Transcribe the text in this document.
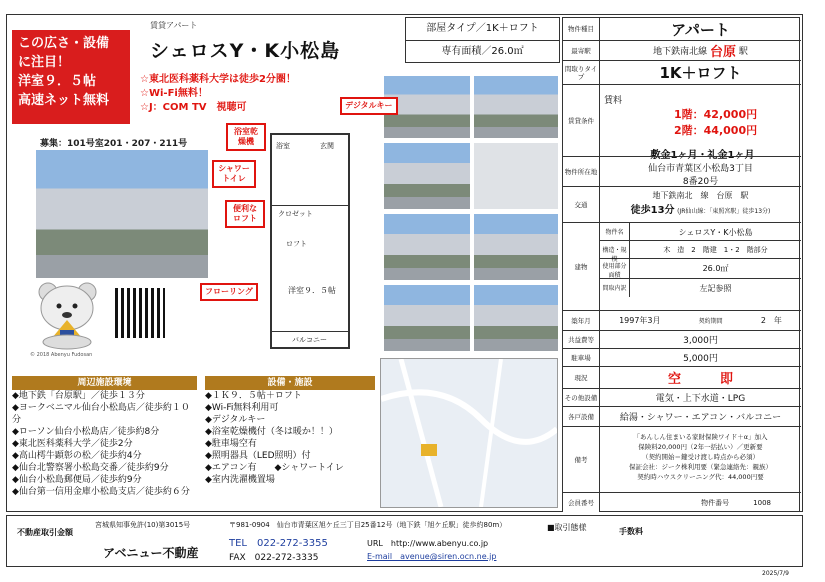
この広さ・設備
に注目！
洋室９．５帖
高速ネット無料
賃貸アパート
シェロスY・K小松島
☆東北医科薬科大学は徒歩2分圏！
☆Wi-Fi無料！
☆J：COM TV　視聴可
部屋タイプ／1K＋ロフト
専有面積／26.0㎡
募集：101号室201・207・211号	浴室	玄関
クロゼット
ロフト
洋室９．５帖
バルコニー
デジタルキー
浴室乾燥機
シャワートイレ
便利なロフト
フローリング
© 2018 Abenyu Fudosan
周辺施設環境
◆地下鉄「台原駅」／徒歩１３分
◆ヨークベニマル仙台小松島店／徒歩約１０分
◆ローソン仙台小松島店／徒歩約8分
◆東北医科薬科大学／徒歩2分
◆高山樗牛顕彰の松／徒歩約4分
◆仙台北警察署小松島交番／徒歩約9分
◆仙台小松島郵便局／徒歩約9分
◆仙台第一信用金庫小松島支店／徒歩約６分
設備・施設
◆１Ｋ９．５帖＋ロフト
◆Wi-Fi無料利用可
◆デジタルキー
◆浴室乾燥機付（冬は暖か！！）
◆駐車場空有
◆照明器具（LED照明）付
◆エアコン有　　◆シャワートイレ
◆室内洗濯機置場
物件種目	アパート
最寄駅	地下鉄南北線
台原
駅
間取りタイプ	1K＋ロフト
賃貸条件
賃料
1階：42,000円
2階：44,000円
敷金1ヶ月・礼金1ヶ月
物件所在地	仙台市青葉区小松島3丁目
8番20号
交通
地下鉄南北　線　 台原　駅
徒歩13分 (JR仙山線：「東照宮駅」徒歩13分)
建物
物件名	シェロスY・K小松島
構造・規模
木　造　2　階建　1・2　階部分
使用部分面積
26.0㎡
間取内訳	左記参照
築年月	1997年3月	契約期間	2　年
共益費等	3,000円
駐車場	5,000円
現況	空　　　即
その他設備	電気・上下水道・LPG
各戸設備	給湯・シャワー・エアコン・バルコニー
備考
「あんしん住まいる家財保険ワイド＋α」加入
保険料20,000円（2年一括払い）／更新要
（契約開始＝鍵受け渡し時点から必須）
保証会社：ジーク株利用要（緊急連絡先：親族）
契約時ハウスクリーニング代：44,000円要
会員番号	物件番号	1008
不動産取引金額
宮城県知事免許(10)第3015号
アベニュー不動産
〒981-0904　仙台市青葉区旭ケ丘三丁目25番12号（地下鉄「旭ケ丘駅」徒歩約80m）
TEL　022-272-3355
FAX　022-272-3335
URL　http://www.abenyu.co.jp
E-mail　avenue@siren.ocn.ne.jp
■取引態様	手数料
2025/7/9
